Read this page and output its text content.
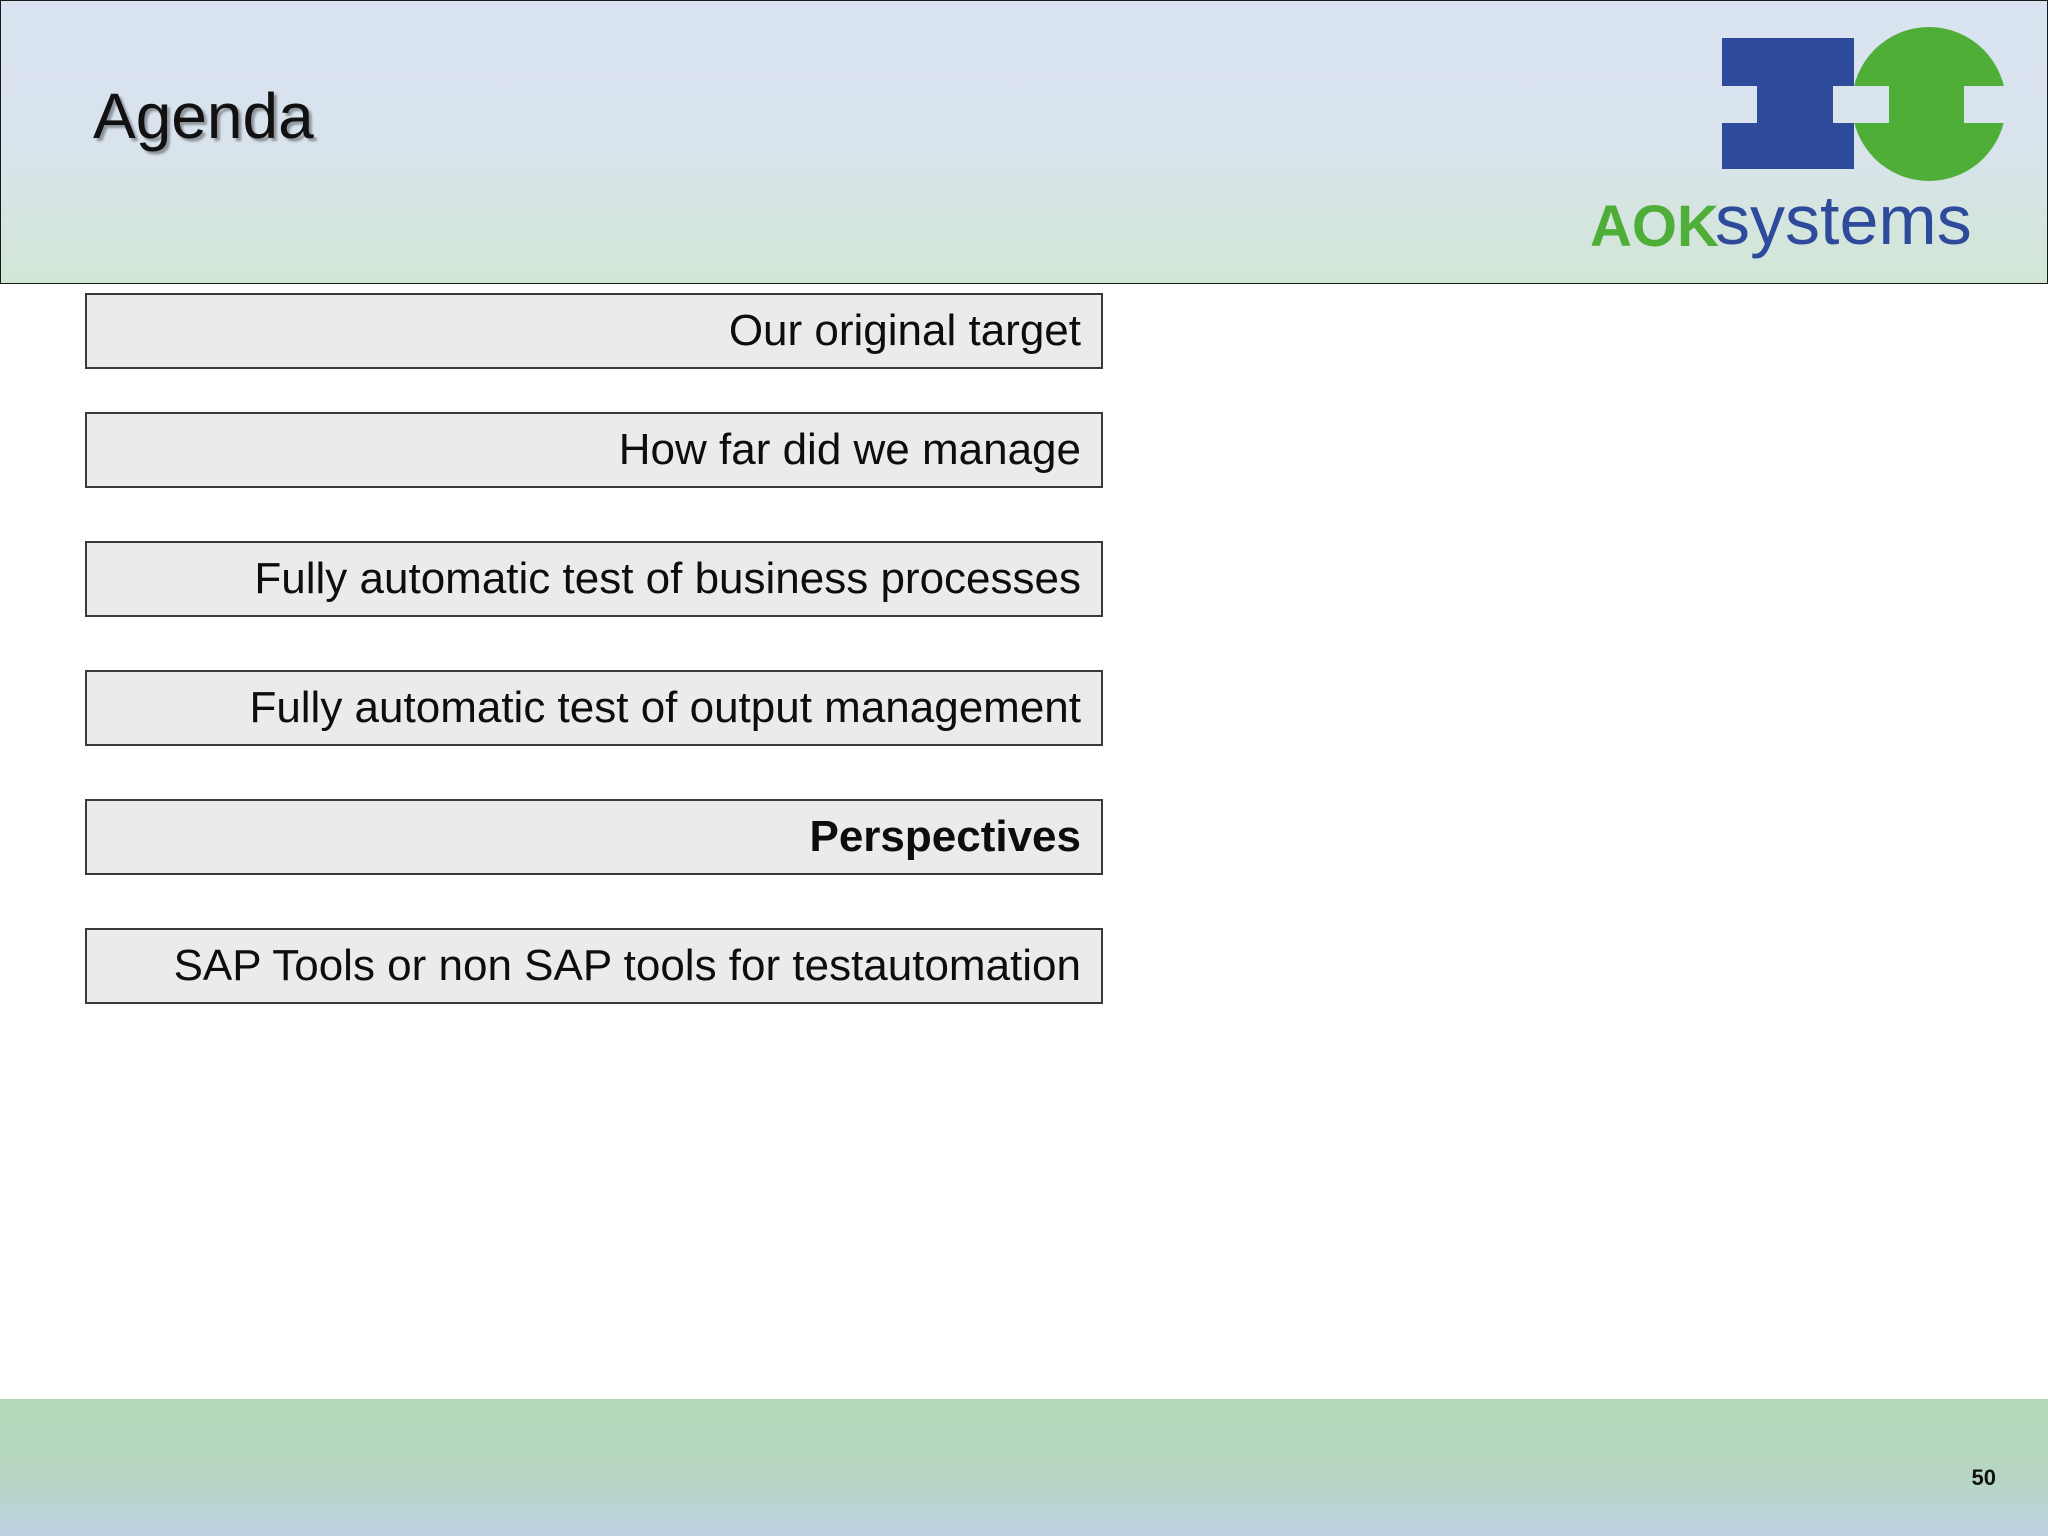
Agenda
AOK
systems
Our original target
How far did we manage
Fully automatic test of business processes
Fully automatic test of output management
Perspectives
SAP Tools or non SAP tools for testautomation
50
